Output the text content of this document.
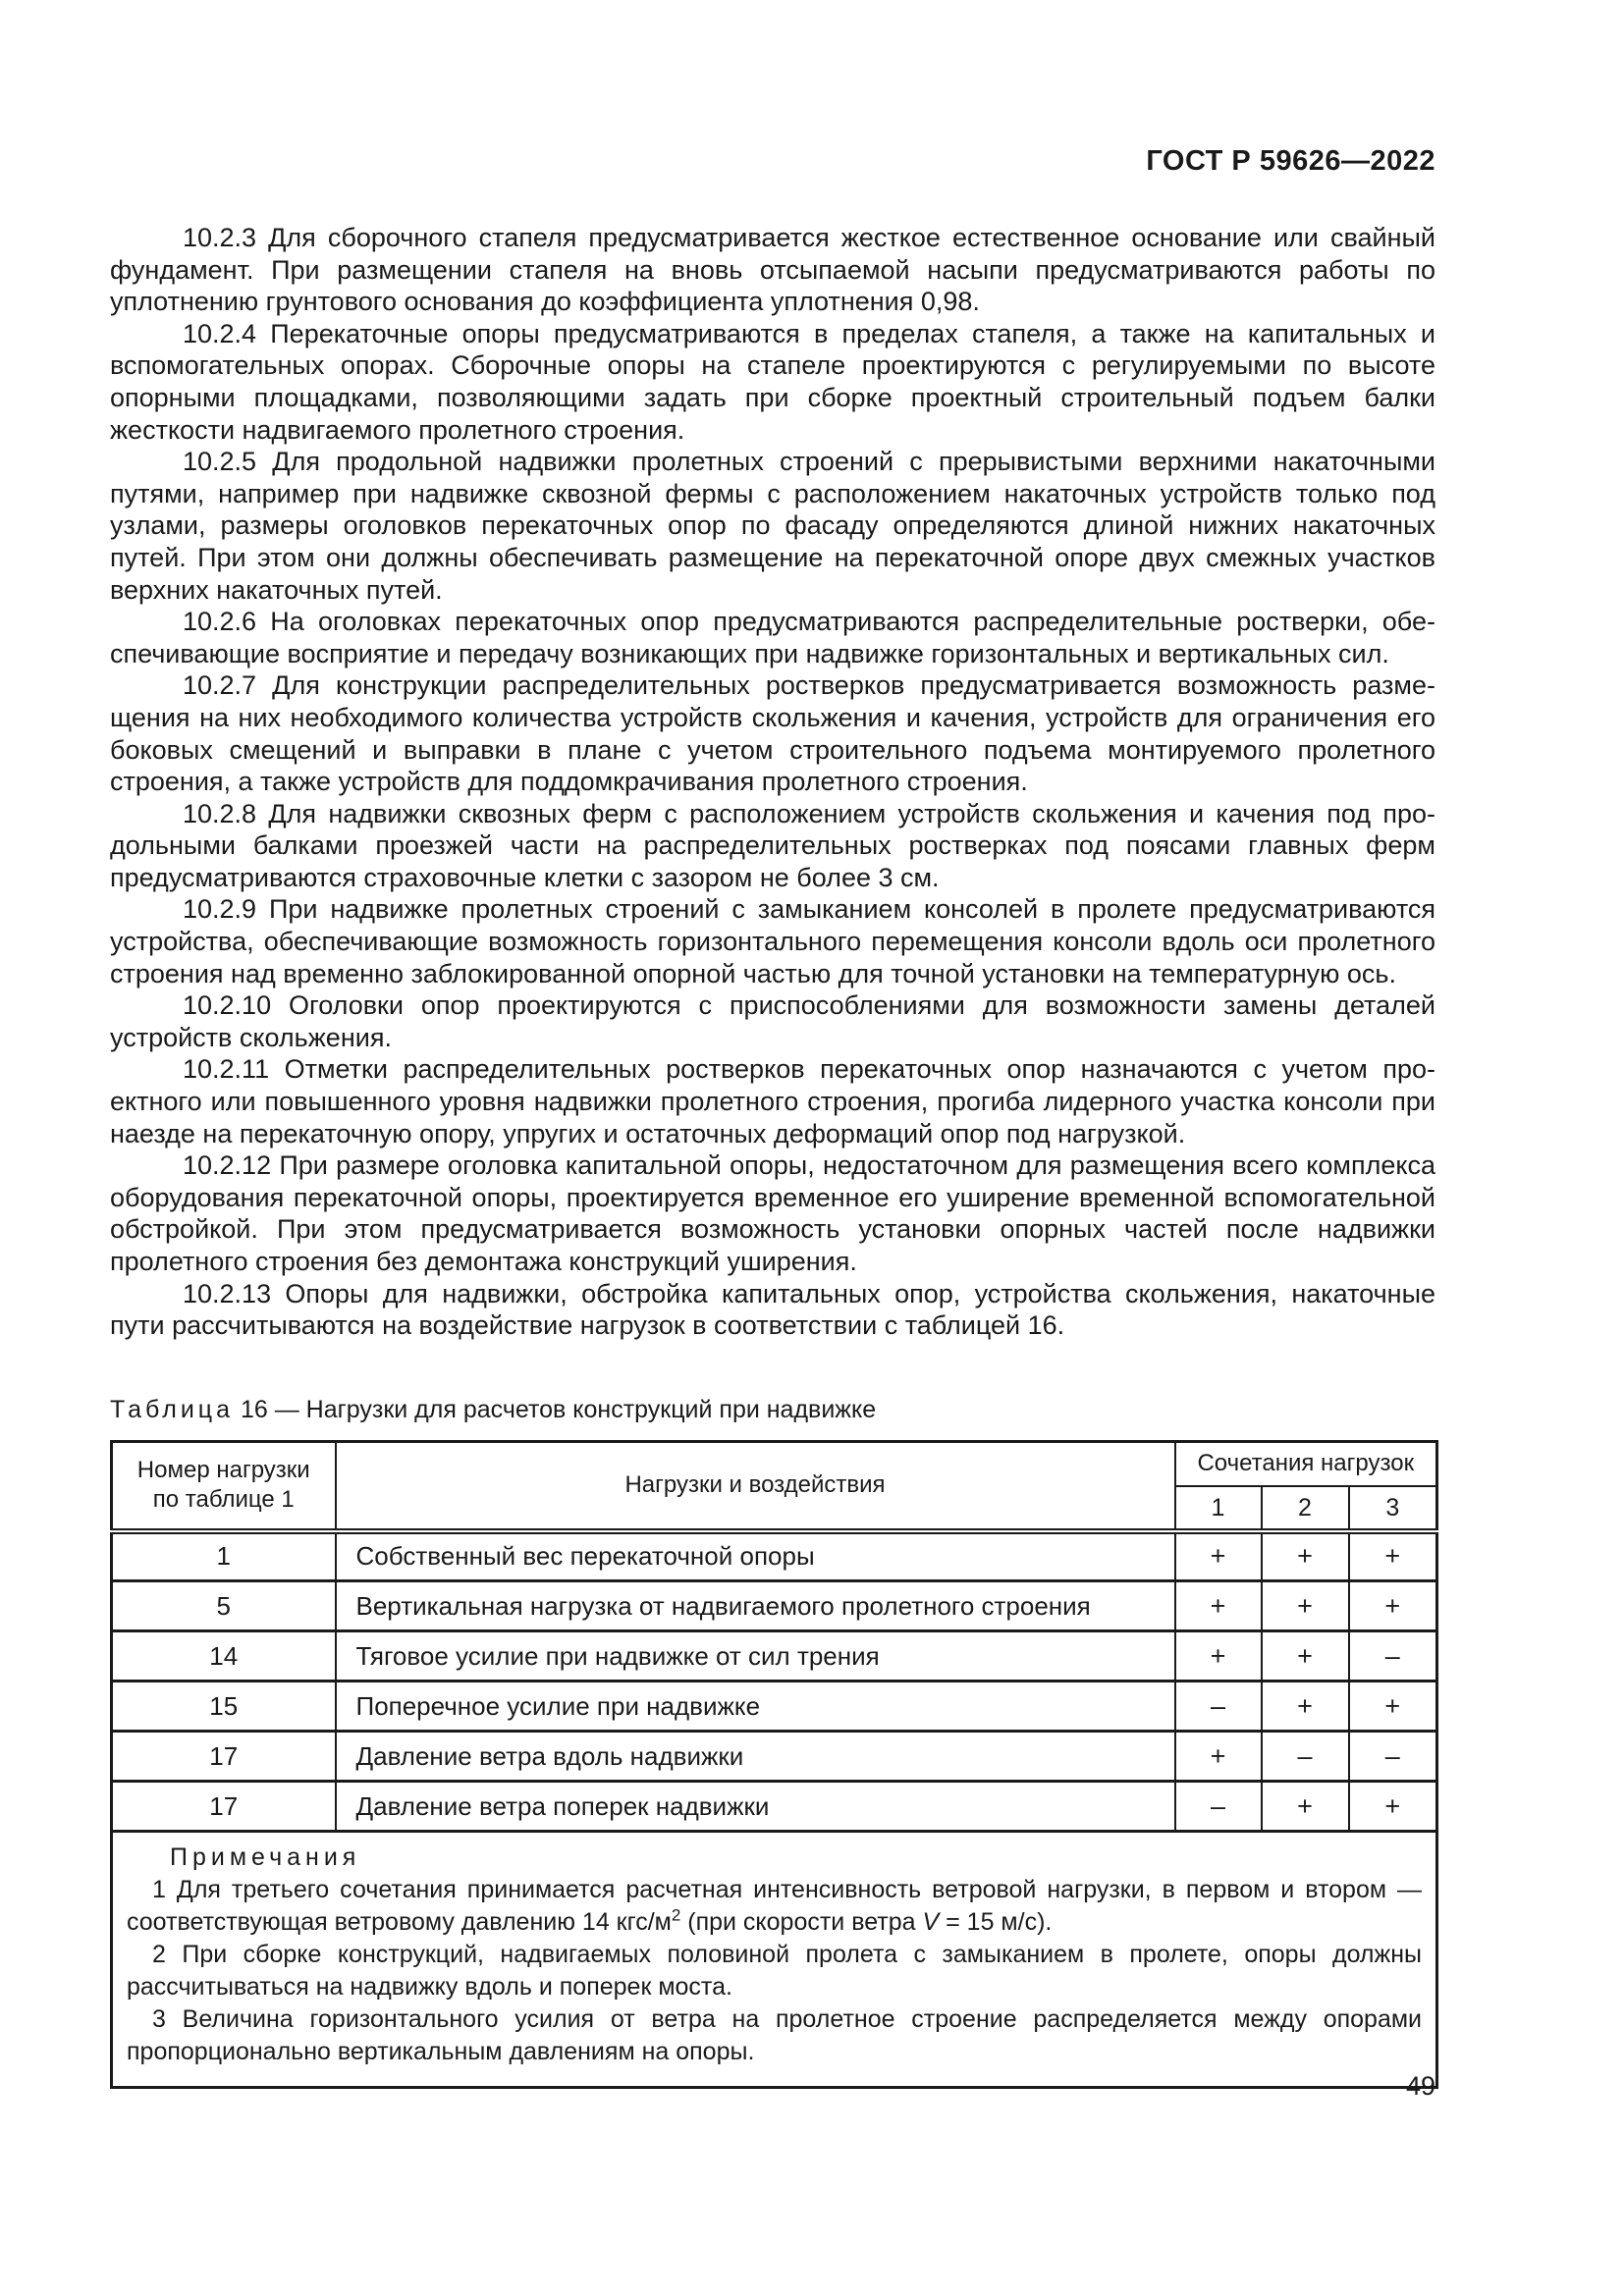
ГОСТ Р 59626—2022

10.2.3 Для сборочного стапеля предусматривается жесткое естественное основание или свайный фундамент. При размещении стапеля на вновь отсыпаемой насыпи предусматриваются работы по уплотнению грунтового основания до коэффициента уплотнения 0,98.

10.2.4 Перекаточные опоры предусматриваются в пределах стапеля, а также на капитальных и вспомогательных опорах. Сборочные опоры на стапеле проектируются с регулируемыми по высоте опорными площадками, позволяющими задать при сборке проектный строительный подъем балки жесткости надвигаемого пролетного строения.

10.2.5 Для продольной надвижки пролетных строений с прерывистыми верхними накаточными путями, например при надвижке сквозной фермы с расположением накаточных устройств только под узлами, размеры оголовков перекаточных опор по фасаду определяются длиной нижних накаточных путей. При этом они должны обеспечивать размещение на перекаточной опоре двух смежных участков верхних накаточных путей.

10.2.6 На оголовках перекаточных опор предусматриваются распределительные ростверки, обеспечивающие восприятие и передачу возникающих при надвижке горизонтальных и вертикальных сил.

10.2.7 Для конструкции распределительных ростверков предусматривается возможность размещения на них необходимого количества устройств скольжения и качения, устройств для ограничения его боковых смещений и выправки в плане с учетом строительного подъема монтируемого пролетного строения, а также устройств для поддомкрачивания пролетного строения.

10.2.8 Для надвижки сквозных ферм с расположением устройств скольжения и качения под продольными балками проезжей части на распределительных ростверках под поясами главных ферм предусматриваются страховочные клетки с зазором не более 3 см.

10.2.9 При надвижке пролетных строений с замыканием консолей в пролете предусматриваются устройства, обеспечивающие возможность горизонтального перемещения консоли вдоль оси пролетного строения над временно заблокированной опорной частью для точной установки на температурную ось.

10.2.10 Оголовки опор проектируются с приспособлениями для возможности замены деталей устройств скольжения.

10.2.11 Отметки распределительных ростверков перекаточных опор назначаются с учетом проектного или повышенного уровня надвижки пролетного строения, прогиба лидерного участка консоли при наезде на перекаточную опору, упругих и остаточных деформаций опор под нагрузкой.

10.2.12 При размере оголовка капитальной опоры, недостаточном для размещения всего комплекса оборудования перекаточной опоры, проектируется временное его уширение временной вспомогательной обстройкой. При этом предусматривается возможность установки опорных частей после надвижки пролетного строения без демонтажа конструкций уширения.

10.2.13 Опоры для надвижки, обстройка капитальных опор, устройства скольжения, накаточные пути рассчитываются на воздействие нагрузок в соответствии с таблицей 16.

Таблица 16 — Нагрузки для расчетов конструкций при надвижке

Номер нагрузки по таблице 1	Нагрузки и воздействия	Сочетания нагрузок		
		1	2	3
1	Собственный вес перекаточной опоры	+	+	+
5	Вертикальная нагрузка от надвигаемого пролетного строения	+	+	+
14	Тяговое усилие при надвижке от сил трения	+	+	–
15	Поперечное усилие при надвижке	–	+	+
17	Давление ветра вдоль надвижки	+	–	–
17	Давление ветра поперек надвижки	–	+	+

Примечания

1 Для третьего сочетания принимается расчетная интенсивность ветровой нагрузки, в первом и втором — соответствующая ветровому давлению 14 кгс/$м^2$ (при скорости ветра V = 15 м/с).

2 При сборке конструкций, надвигаемых половиной пролета с замыканием в пролете, опоры должны рассчитываться на надвижку вдоль и поперек моста.

3 Величина горизонтального усилия от ветра на пролетное строение распределяется между опорами пропорционально вертикальным давлениям на опоры.				

49
